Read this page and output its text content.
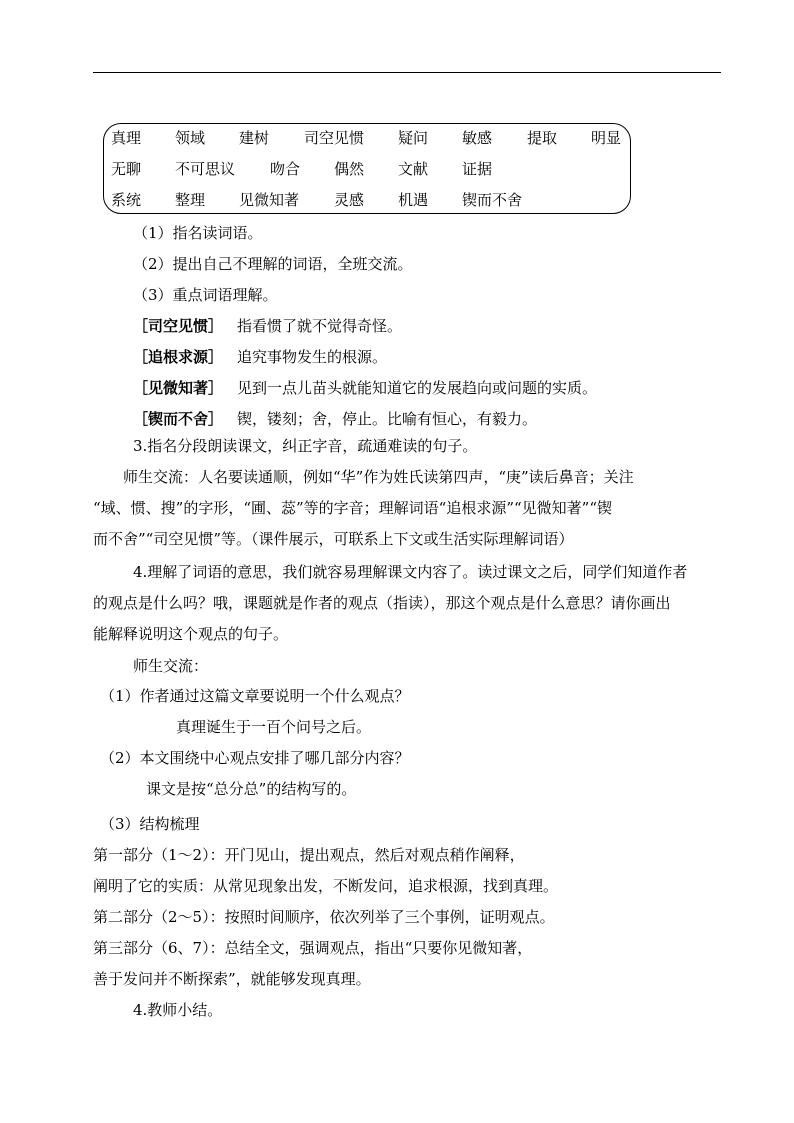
真理 领域 建树 司空见惯 疑问 敏感 提取 明显
无聊 不可思议 吻合 偶然 文献 证据
系统 整理 见微知著 灵感 机遇 锲而不舍
（1）指名读词语。
（2）提出自己不理解的词语，全班交流。
（3）重点词语理解。
［司空见惯］ 指看惯了就不觉得奇怪。
［追根求源］ 追究事物发生的根源。
［见微知著］ 见到一点儿苗头就能知道它的发展趋向或问题的实质。
［锲而不舍］ 锲，镂刻；舍，停止。比喻有恒心，有毅力。
3.指名分段朗读课文，纠正字音，疏通难读的句子。
师生交流：人名要读通顺，例如“华”作为姓氏读第四声，“庚”读后鼻音；关注
“域、惯、搜”的字形，“圃、蕊”等的字音；理解词语“追根求源”“见微知著”“锲
而不舍”“司空见惯”等。（课件展示，可联系上下文或生活实际理解词语）
4.理解了词语的意思，我们就容易理解课文内容了。读过课文之后，同学们知道作者
的观点是什么吗？哦，课题就是作者的观点（指读），那这个观点是什么意思？请你画出
能解释说明这个观点的句子。
师生交流：
（1）作者通过这篇文章要说明一个什么观点？
真理诞生于一百个问号之后。
（2）本文围绕中心观点安排了哪几部分内容？
课文是按“总分总”的结构写的。
（3）结构梳理
第一部分（1～2）：开门见山，提出观点，然后对观点稍作阐释，
阐明了它的实质：从常见现象出发，不断发问，追求根源，找到真理。
第二部分（2～5）：按照时间顺序，依次列举了三个事例，证明观点。
第三部分（6、7）：总结全文，强调观点，指出“只要你见微知著，
善于发问并不断探索”，就能够发现真理。
4.教师小结。
